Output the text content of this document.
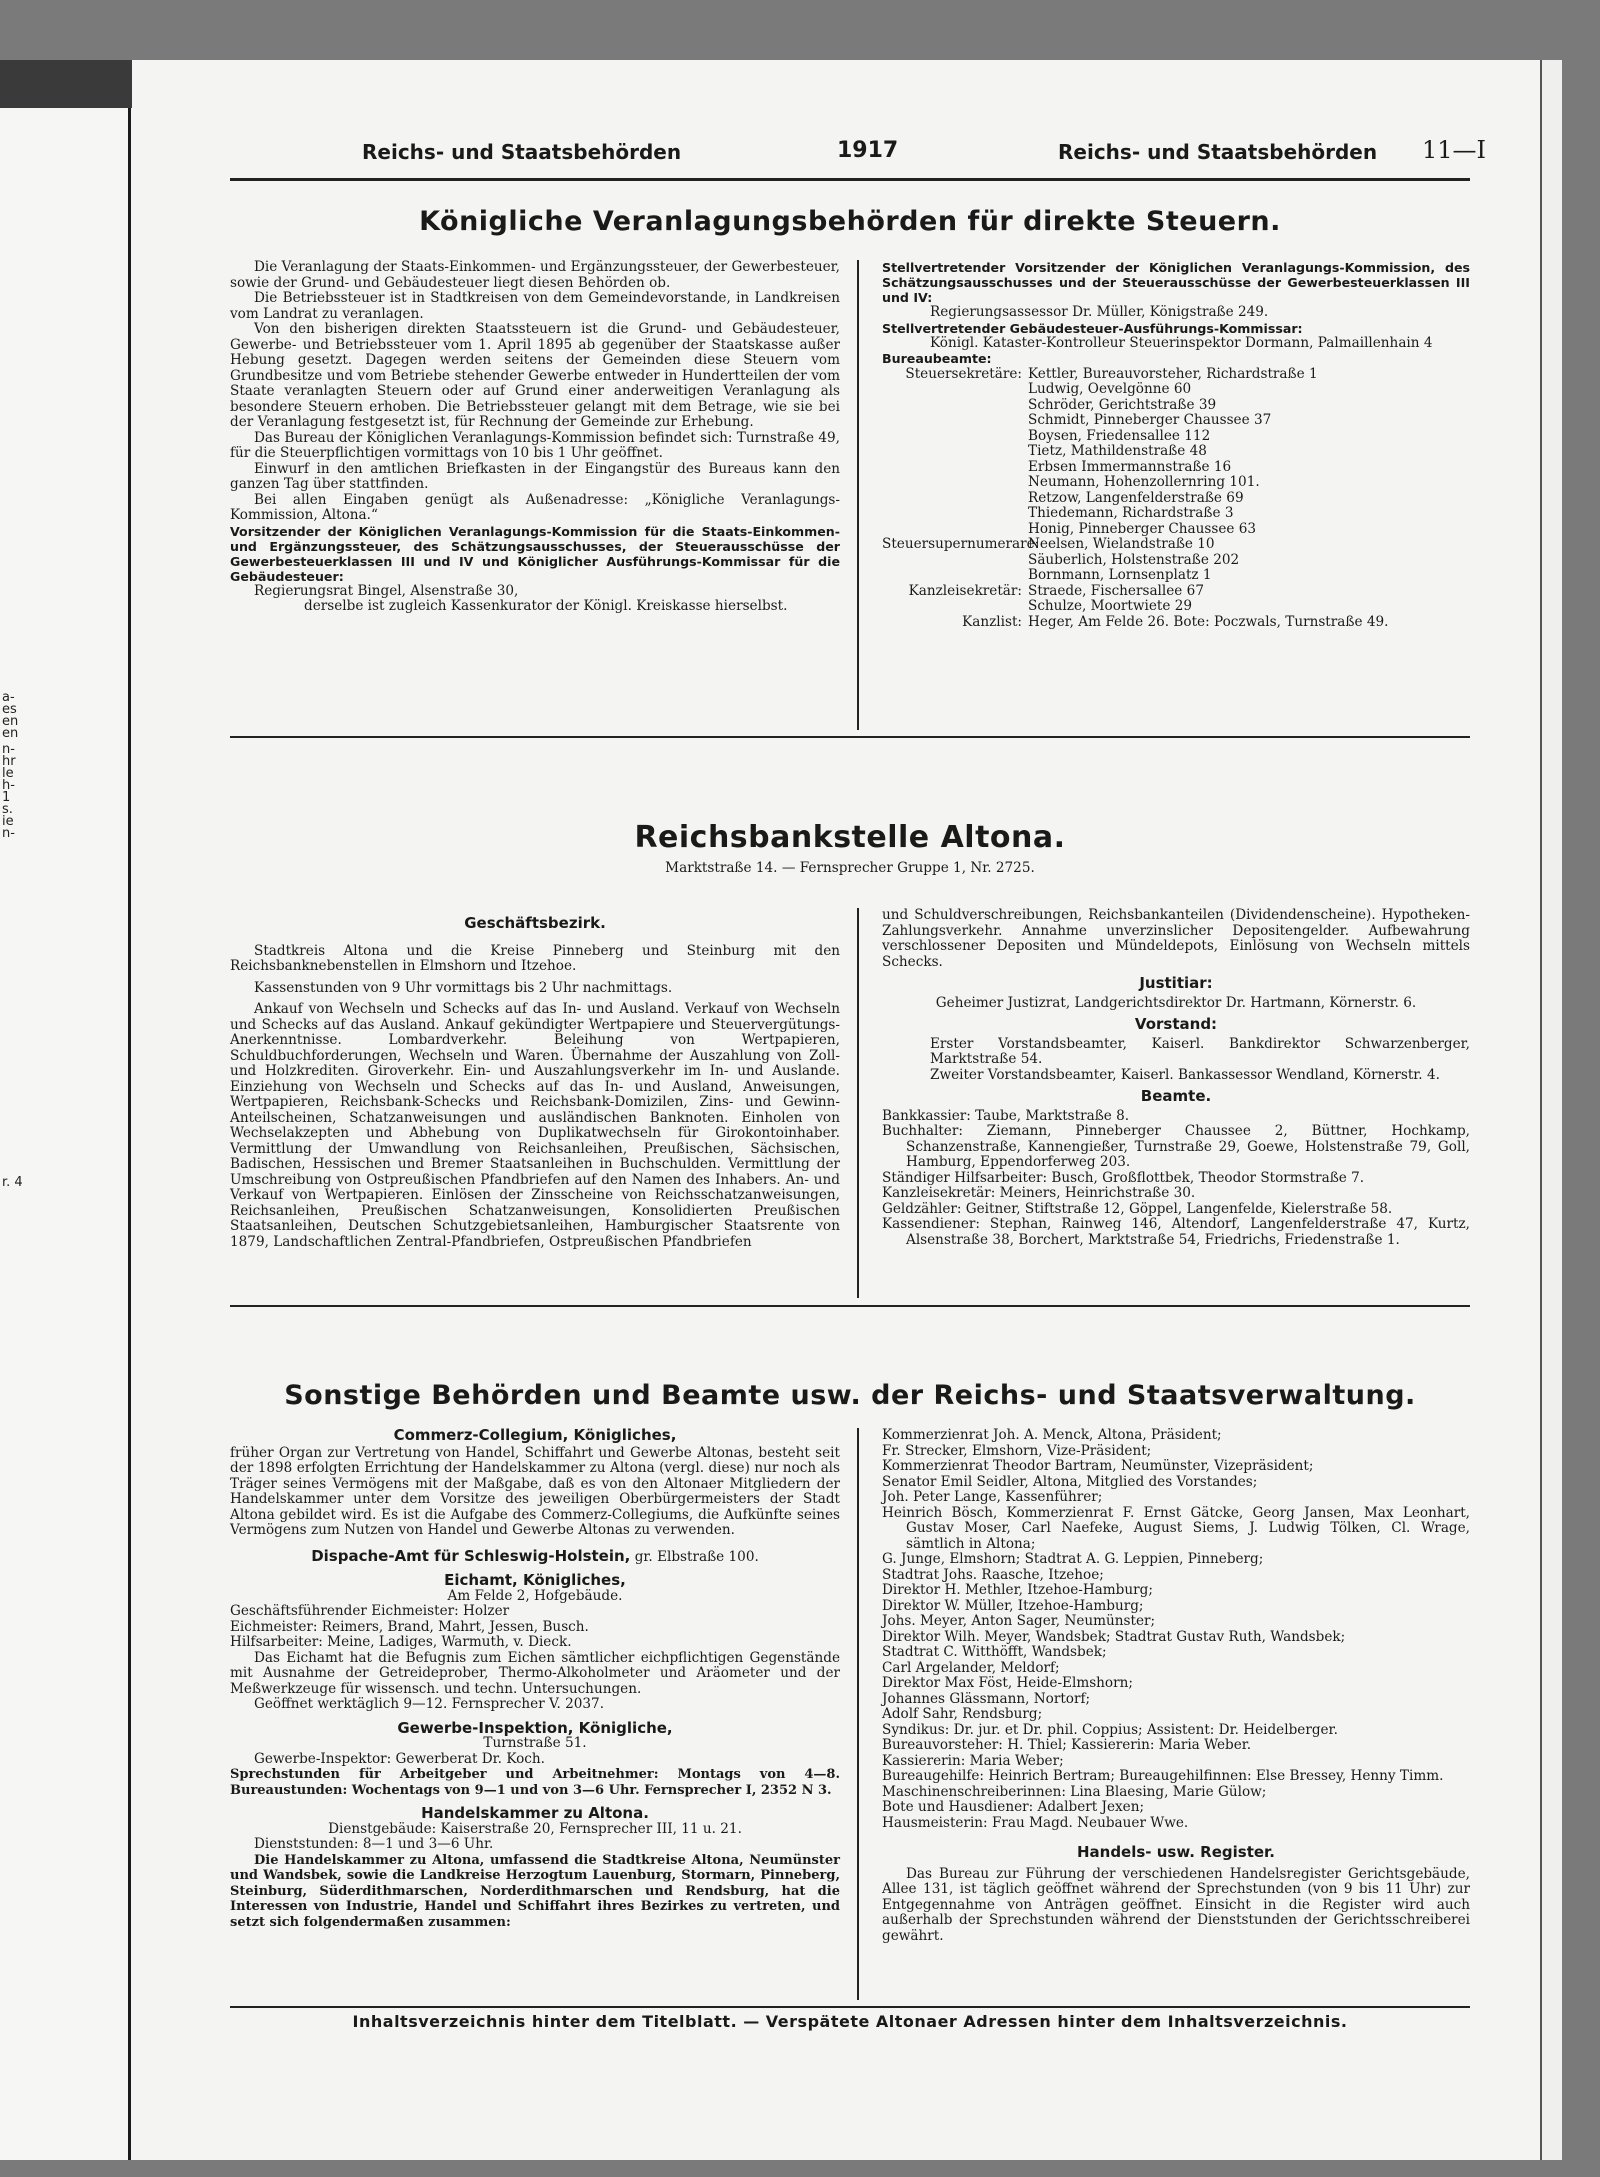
a-
es
en
en
n-
hr
le
h-
1
s.
ie
n-
r. 4
Reichs- und Staatsbehörden	1917	Reichs- und Staatsbehörden 11—I
Königliche Veranlagungsbehörden für direkte Steuern.

Die Veranlagung der Staats-Einkommen- und Ergänzungssteuer, der Gewerbesteuer, sowie der Grund- und Gebäudesteuer liegt diesen Behörden ob.

Die Betriebssteuer ist in Stadtkreisen von dem Gemeindevorstande, in Landkreisen vom Landrat zu veranlagen.

Von den bisherigen direkten Staatssteuern ist die Grund- und Gebäudesteuer, Gewerbe- und Betriebssteuer vom 1. April 1895 ab gegenüber der Staatskasse außer Hebung gesetzt. Dagegen werden seitens der Gemeinden diese Steuern vom Grundbesitze und vom Betriebe stehender Gewerbe entweder in Hundertteilen der vom Staate veranlagten Steuern oder auf Grund einer anderweitigen Veranlagung als besondere Steuern erhoben. Die Betriebssteuer gelangt mit dem Betrage, wie sie bei der Veranlagung festgesetzt ist, für Rechnung der Gemeinde zur Erhebung.

Das Bureau der Königlichen Veranlagungs-Kommission befindet sich: Turnstraße 49, für die Steuerpflichtigen vormittags von 10 bis 1 Uhr geöffnet.

Einwurf in den amtlichen Briefkasten in der Eingangstür des Bureaus kann den ganzen Tag über stattfinden.

Bei allen Eingaben genügt als Außenadresse: „Königliche Veranlagungs-Kommission, Altona.“

Vorsitzender der Königlichen Veranlagungs-Kommission für die Staats-Einkommen- und Ergänzungssteuer, des Schätzungsausschusses, der Steuerausschüsse der Gewerbesteuerklassen III und IV und Königlicher Ausführungs-Kommissar für die Gebäudesteuer:

Regierungsrat Bingel, Alsenstraße 30,
derselbe ist zugleich Kassenkurator der Königl. Kreiskasse hierselbst.

Stellvertretender Vorsitzender der Königlichen Veranlagungs-Kommission, des Schätzungsausschusses und der Steuerausschüsse der Gewerbesteuerklassen III und IV:

Regierungsassessor Dr. Müller, Königstraße 249.

Stellvertretender Gebäudesteuer-Ausführungs-Kommissar:

Königl. Kataster-Kontrolleur Steuerinspektor Dormann, Palmaillenhain 4
Bureaubeamte:
Steuersekretäre: Kettler, Bureauvorsteher, Richardstraße 1
Ludwig, Oevelgönne 60
Schröder, Gerichtstraße 39
Schmidt, Pinneberger Chaussee 37
Boysen, Friedensallee 112
Tietz, Mathildenstraße 48
Erbsen Immermannstraße 16
Neumann, Hohenzollernring 101.
Retzow, Langenfelderstraße 69
Thiedemann, Richardstraße 3
Honig, Pinneberger Chaussee 63
Steuersupernumerare:
Neelsen, Wielandstraße 10
Säuberlich, Holstenstraße 202
Bornmann, Lornsenplatz 1
Kanzleisekretär: Straede, Fischersallee 67
Schulze, Moortwiete 29
Kanzlist: Heger, Am Felde 26. Bote: Poczwals, Turnstraße 49.
Reichsbankstelle Altona.
Marktstraße 14. — Fernsprecher Gruppe 1, Nr. 2725.
Geschäftsbezirk.

Stadtkreis Altona und die Kreise Pinneberg und Steinburg mit den Reichsbanknebenstellen in Elmshorn und Itzehoe.

Kassenstunden von 9 Uhr vormittags bis 2 Uhr nachmittags.

Ankauf von Wechseln und Schecks auf das In- und Ausland. Verkauf von Wechseln und Schecks auf das Ausland. Ankauf gekündigter Wertpapiere und Steuervergütungs-Anerkenntnisse. Lombardverkehr. Beleihung von Wertpapieren, Schuldbuchforderungen, Wechseln und Waren. Übernahme der Auszahlung von Zoll- und Holzkrediten. Giroverkehr. Ein- und Auszahlungsverkehr im In- und Auslande. Einziehung von Wechseln und Schecks auf das In- und Ausland, Anweisungen, Wertpapieren, Reichsbank-Schecks und Reichsbank-Domizilen, Zins- und Gewinn-Anteilscheinen, Schatzanweisungen und ausländischen Banknoten. Einholen von Wechselakzepten und Abhebung von Duplikatwechseln für Girokontoinhaber. Vermittlung der Umwandlung von Reichsanleihen, Preußischen, Sächsischen, Badischen, Hessischen und Bremer Staatsanleihen in Buchschulden. Vermittlung der Umschreibung von Ostpreußischen Pfandbriefen auf den Namen des Inhabers. An- und Verkauf von Wertpapieren. Einlösen der Zinsscheine von Reichsschatzanweisungen, Reichsanleihen, Preußischen Schatzanweisungen, Konsolidierten Preußischen Staatsanleihen, Deutschen Schutzgebietsanleihen, Hamburgischer Staatsrente von 1879, Landschaftlichen Zentral-Pfandbriefen, Ostpreußischen Pfandbriefen

und Schuldverschreibungen, Reichsbankanteilen (Dividendenscheine). Hypotheken-Zahlungsverkehr. Annahme unverzinslicher Depositengelder. Aufbewahrung verschlossener Depositen und Mündeldepots, Einlösung von Wechseln mittels Schecks.

Justitiar:
Geheimer Justizrat, Landgerichtsdirektor Dr. Hartmann, Körnerstr. 6.
Vorstand:
Erster Vorstandsbeamter, Kaiserl. Bankdirektor Schwarzenberger, Marktstraße 54.
Zweiter Vorstandsbeamter, Kaiserl. Bankassessor Wendland, Körnerstr. 4.
Beamte.
Bankkassier: Taube, Marktstraße 8.
Buchhalter: Ziemann, Pinneberger Chaussee 2, Büttner, Hochkamp, Schanzenstraße, Kannengießer, Turnstraße 29, Goewe, Holstenstraße 79, Goll, Hamburg, Eppendorferweg 203.
Ständiger Hilfsarbeiter: Busch, Großflottbek, Theodor Stormstraße 7.
Kanzleisekretär: Meiners, Heinrichstraße 30.
Geldzähler: Geitner, Stiftstraße 12, Göppel, Langenfelde, Kielerstraße 58.
Kassendiener: Stephan, Rainweg 146, Altendorf, Langenfelderstraße 47, Kurtz, Alsenstraße 38, Borchert, Marktstraße 54, Friedrichs, Friedenstraße 1.
Sonstige Behörden und Beamte usw. der Reichs- und Staatsverwaltung.
Commerz-Collegium, Königliches,

früher Organ zur Vertretung von Handel, Schiffahrt und Gewerbe Altonas, besteht seit der 1898 erfolgten Errichtung der Handelskammer zu Altona (vergl. diese) nur noch als Träger seines Vermögens mit der Maßgabe, daß es von den Altonaer Mitgliedern der Handelskammer unter dem Vorsitze des jeweiligen Oberbürgermeisters der Stadt Altona gebildet wird. Es ist die Aufgabe des Commerz-Collegiums, die Aufkünfte seines Vermögens zum Nutzen von Handel und Gewerbe Altonas zu verwenden.

Dispache-Amt für Schleswig-Holstein, gr. Elbstraße 100.
Eichamt, Königliches,
Am Felde 2, Hofgebäude.
Geschäftsführender Eichmeister: Holzer
Eichmeister: Reimers, Brand, Mahrt, Jessen, Busch.
Hilfsarbeiter: Meine, Ladiges, Warmuth, v. Dieck.

Das Eichamt hat die Befugnis zum Eichen sämtlicher eichpflichtigen Gegenstände mit Ausnahme der Getreideprober, Thermo-Alkoholmeter und Aräometer und der Meßwerkzeuge für wissensch. und techn. Untersuchungen.

Geöffnet werktäglich 9—12. Fernsprecher V. 2037.

Gewerbe-Inspektion, Königliche,
Turnstraße 51.

Gewerbe-Inspektor: Gewerberat Dr. Koch.

Sprechstunden für Arbeitgeber und Arbeitnehmer: Montags von 4—8. Bureaustunden: Wochentags von 9—1 und von 3—6 Uhr. Fernsprecher I, 2352 N 3.

Handelskammer zu Altona.
Dienstgebäude: Kaiserstraße 20, Fernsprecher III, 11 u. 21.

Dienststunden: 8—1 und 3—6 Uhr.

Die Handelskammer zu Altona, umfassend die Stadtkreise Altona, Neumünster und Wandsbek, sowie die Landkreise Herzogtum Lauenburg, Stormarn, Pinneberg, Steinburg, Süderdithmarschen, Norderdithmarschen und Rendsburg, hat die Interessen von Industrie, Handel und Schiffahrt ihres Bezirkes zu vertreten, und setzt sich folgendermaßen zusammen:

Kommerzienrat Joh. A. Menck, Altona, Präsident;
Fr. Strecker, Elmshorn, Vize-Präsident;
Kommerzienrat Theodor Bartram, Neumünster, Vizepräsident;
Senator Emil Seidler, Altona, Mitglied des Vorstandes;
Joh. Peter Lange, Kassenführer;
Heinrich Bösch, Kommerzienrat F. Ernst Gätcke, Georg Jansen, Max Leonhart, Gustav Moser, Carl Naefeke, August Siems, J. Ludwig Tölken, Cl. Wrage, sämtlich in Altona;
G. Junge, Elmshorn; Stadtrat A. G. Leppien, Pinneberg;
Stadtrat Johs. Raasche, Itzehoe;
Direktor H. Methler, Itzehoe-Hamburg;
Direktor W. Müller, Itzehoe-Hamburg;
Johs. Meyer, Anton Sager, Neumünster;
Direktor Wilh. Meyer, Wandsbek; Stadtrat Gustav Ruth, Wandsbek;
Stadtrat C. Witthöfft, Wandsbek;
Carl Argelander, Meldorf;
Direktor Max Föst, Heide-Elmshorn;
Johannes Glässmann, Nortorf;
Adolf Sahr, Rendsburg;
Syndikus: Dr. jur. et Dr. phil. Coppius; Assistent: Dr. Heidelberger.
Bureauvorsteher: H. Thiel; Kassiererin: Maria Weber.
Kassiererin: Maria Weber;
Bureaugehilfe: Heinrich Bertram; Bureaugehilfinnen: Else Bressey, Henny Timm.
Maschinenschreiberinnen: Lina Blaesing, Marie Gülow;
Bote und Hausdiener: Adalbert Jexen;
Hausmeisterin: Frau Magd. Neubauer Wwe.
Handels- usw. Register.

Das Bureau zur Führung der verschiedenen Handelsregister Gerichtsgebäude, Allee 131, ist täglich geöffnet während der Sprechstunden (von 9 bis 11 Uhr) zur Entgegennahme von Anträgen geöffnet. Einsicht in die Register wird auch außerhalb der Sprechstunden während der Dienststunden der Gerichtsschreiberei gewährt.

Inhaltsverzeichnis hinter dem Titelblatt. — Verspätete Altonaer Adressen hinter dem Inhaltsverzeichnis.
